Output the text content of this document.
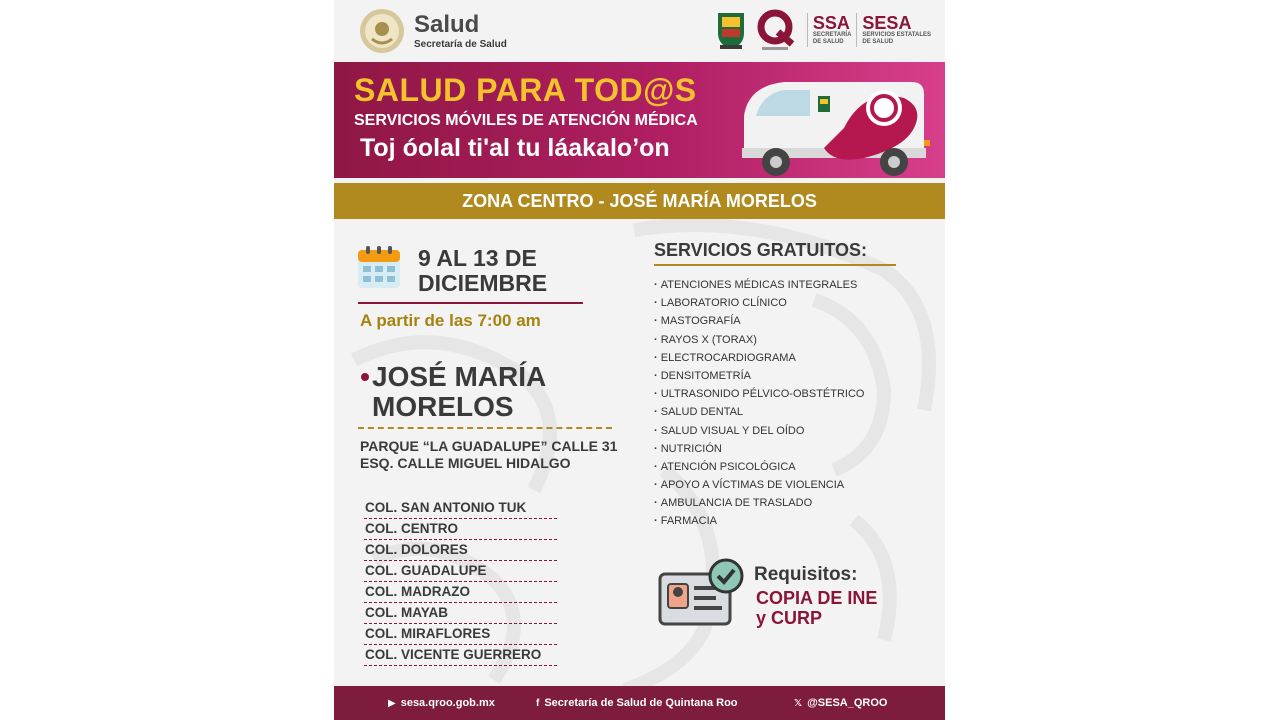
Salud
Secretaría de Salud
SSA
SECRETARÍA
DE SALUD
SESA
SERVICIOS ESTATALES
DE SALUD
SALUD PARA TOD@S
SERVICIOS MÓVILES DE ATENCIÓN MÉDICA
Toj óolal ti'al tu láakalo’on
ZONA CENTRO - JOSÉ MARÍA MORELOS
9 AL 13 DE
DICIEMBRE
A partir de las 7:00 am
JOSÉ MARÍA
MORELOS
PARQUE “LA GUADALUPE” CALLE 31
ESQ. CALLE MIGUEL HIDALGO
COL. SAN ANTONIO TUK
COL. CENTRO
COL. DOLORES
COL. GUADALUPE
COL. MADRAZO
COL. MAYAB
COL. MIRAFLORES
COL. VICENTE GUERRERO
SERVICIOS GRATUITOS:
· ATENCIONES MÉDICAS INTEGRALES
· LABORATORIO CLÍNICO
· MASTOGRAFÍA
· RAYOS X (TORAX)
· ELECTROCARDIOGRAMA
· DENSITOMETRÍA
· ULTRASONIDO PÉLVICO-OBSTÉTRICO
· SALUD DENTAL
· SALUD VISUAL Y DEL OÍDO
· NUTRICIÓN
· ATENCIÓN PSICOLÓGICA
· APOYO A VÍCTIMAS DE VIOLENCIA
· AMBULANCIA DE TRASLADO
· FARMACIA
Requisitos:
COPIA DE INE
y CURP
▶ sesa.qroo.gob.mx	f Secretaría de Salud de Quintana Roo	𝕏 @SESA_QROO
